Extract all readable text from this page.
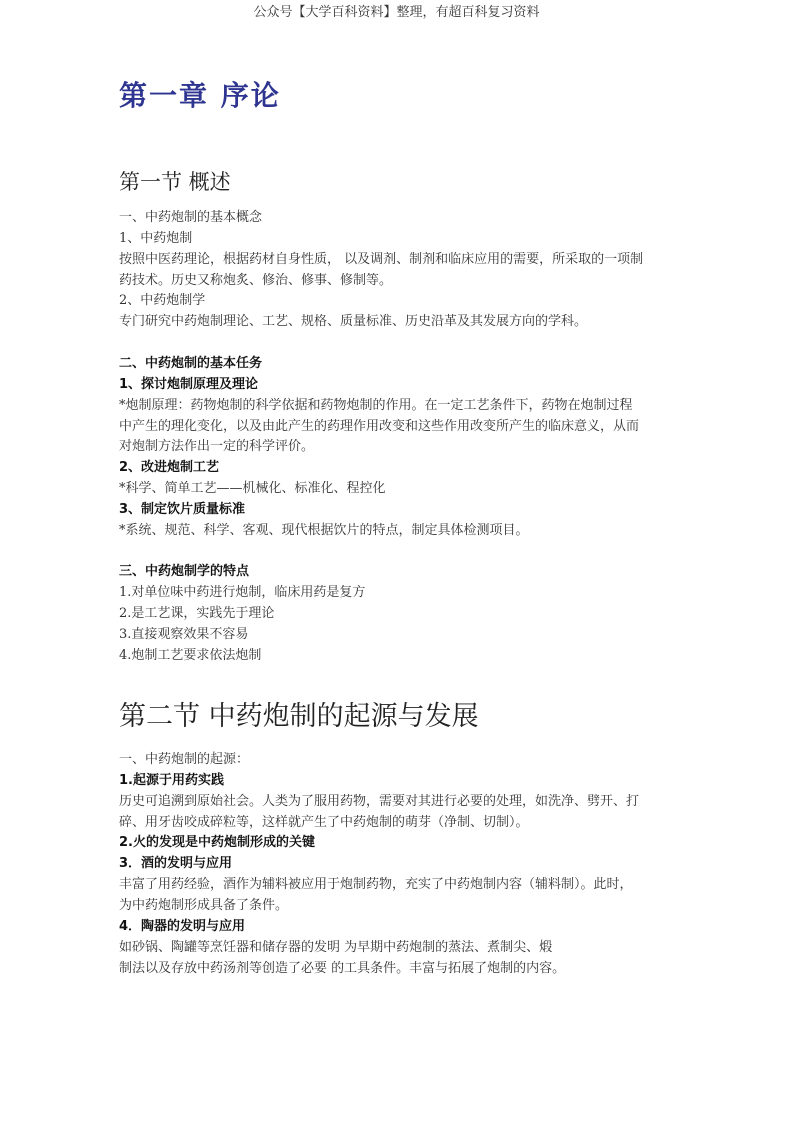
公众号【大学百科资料】整理，有超百科复习资料
第一章 序论
第一节 概述
一、中药炮制的基本概念
1、中药炮制
按照中医药理论，根据药材自身性质， 以及调剂、制剂和临床应用的需要，所采取的一项制
药技术。历史又称炮炙、修治、修事、修制等。
2、中药炮制学
专门研究中药炮制理论、工艺、规格、质量标准、历史沿革及其发展方向的学科。
二、中药炮制的基本任务
1、探讨炮制原理及理论
*炮制原理：药物炮制的科学依据和药物炮制的作用。在一定工艺条件下，药物在炮制过程
中产生的理化变化，以及由此产生的药理作用改变和这些作用改变所产生的临床意义，从而
对炮制方法作出一定的科学评价。
2、改进炮制工艺
*科学、简单工艺——机械化、标准化、程控化
3、制定饮片质量标准
*系统、规范、科学、客观、现代根据饮片的特点，制定具体检测项目。
三、中药炮制学的特点
1.对单位味中药进行炮制，临床用药是复方
2.是工艺课，实践先于理论
3.直接观察效果不容易
4.炮制工艺要求依法炮制
第二节 中药炮制的起源与发展
一、中药炮制的起源：
1.起源于用药实践
历史可追溯到原始社会。人类为了服用药物，需要对其进行必要的处理，如洗净、劈开、打
碎、用牙齿咬成碎粒等，这样就产生了中药炮制的萌芽（净制、切制）。
2.火的发现是中药炮制形成的关键
3．酒的发明与应用
丰富了用药经验，酒作为辅料被应用于炮制药物，充实了中药炮制内容（辅料制）。此时，
为中药炮制形成具备了条件。
4．陶器的发明与应用
如砂锅、陶罐等烹饪器和储存器的发明 为早期中药炮制的蒸法、煮制尖、煅
制法以及存放中药汤剂等创造了必要 的工具条件。丰富与拓展了炮制的内容。
